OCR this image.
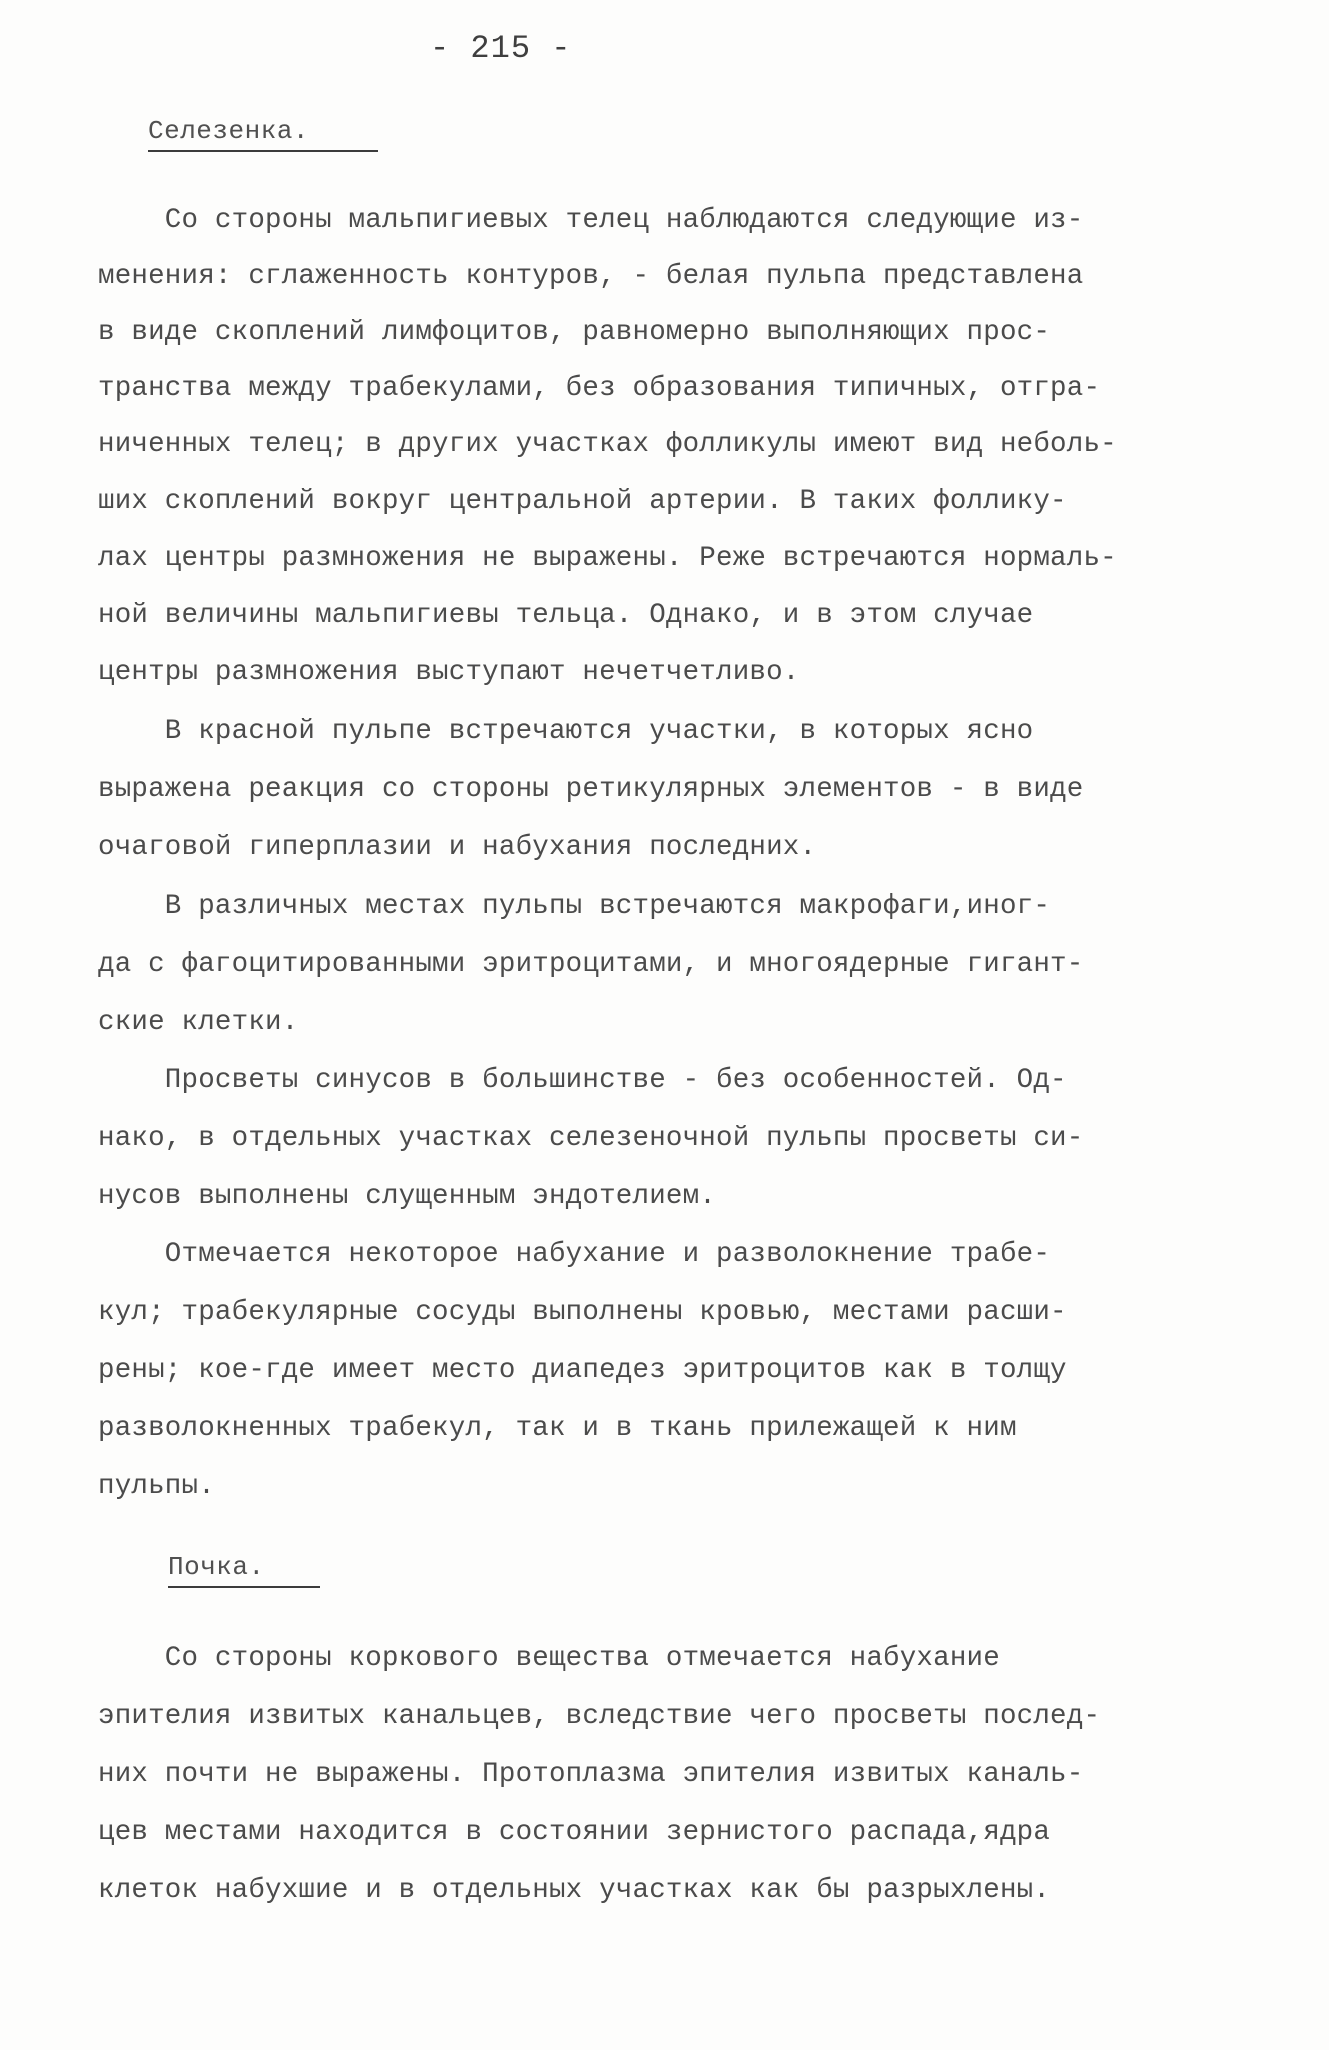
- 215 -
Селезенка.
Со стороны мальпигиевых телец наблюдаются следующие из-
менения: сглаженность контуров, - белая пульпа представлена
в виде скоплений лимфоцитов, равномерно выполняющих прос-
транства между трабекулами, без образования типичных, отгра-
ниченных телец; в других участках фолликулы имеют вид неболь-
ших скоплений вокруг центральной артерии. В таких фоллику-
лах центры размножения не выражены. Реже встречаются нормаль-
ной величины мальпигиевы тельца. Однако, и в этом случае
центры размножения выступают нечетчетливо.
В красной пульпе встречаются участки, в которых ясно
выражена реакция со стороны ретикулярных элементов - в виде
очаговой гиперплазии и набухания последних.
В различных местах пульпы встречаются макрофаги,иног-
да с фагоцитированными эритроцитами, и многоядерные гигант-
ские клетки.
Просветы синусов в большинстве - без особенностей. Од-
нако, в отдельных участках селезеночной пульпы просветы си-
нусов выполнены слущенным эндотелием.
Отмечается некоторое набухание и разволокнение трабе-
кул; трабекулярные сосуды выполнены кровью, местами расши-
рены; кое-где имеет место диапедез эритроцитов как в толщу
разволокненных трабекул, так и в ткань прилежащей к ним
пульпы.
Почка.
Со стороны коркового вещества отмечается набухание
эпителия извитых канальцев, вследствие чего просветы послед-
них почти не выражены. Протоплазма эпителия извитых каналь-
цев местами находится в состоянии зернистого распада,ядра
клеток набухшие и в отдельных участках как бы разрыхлены.
